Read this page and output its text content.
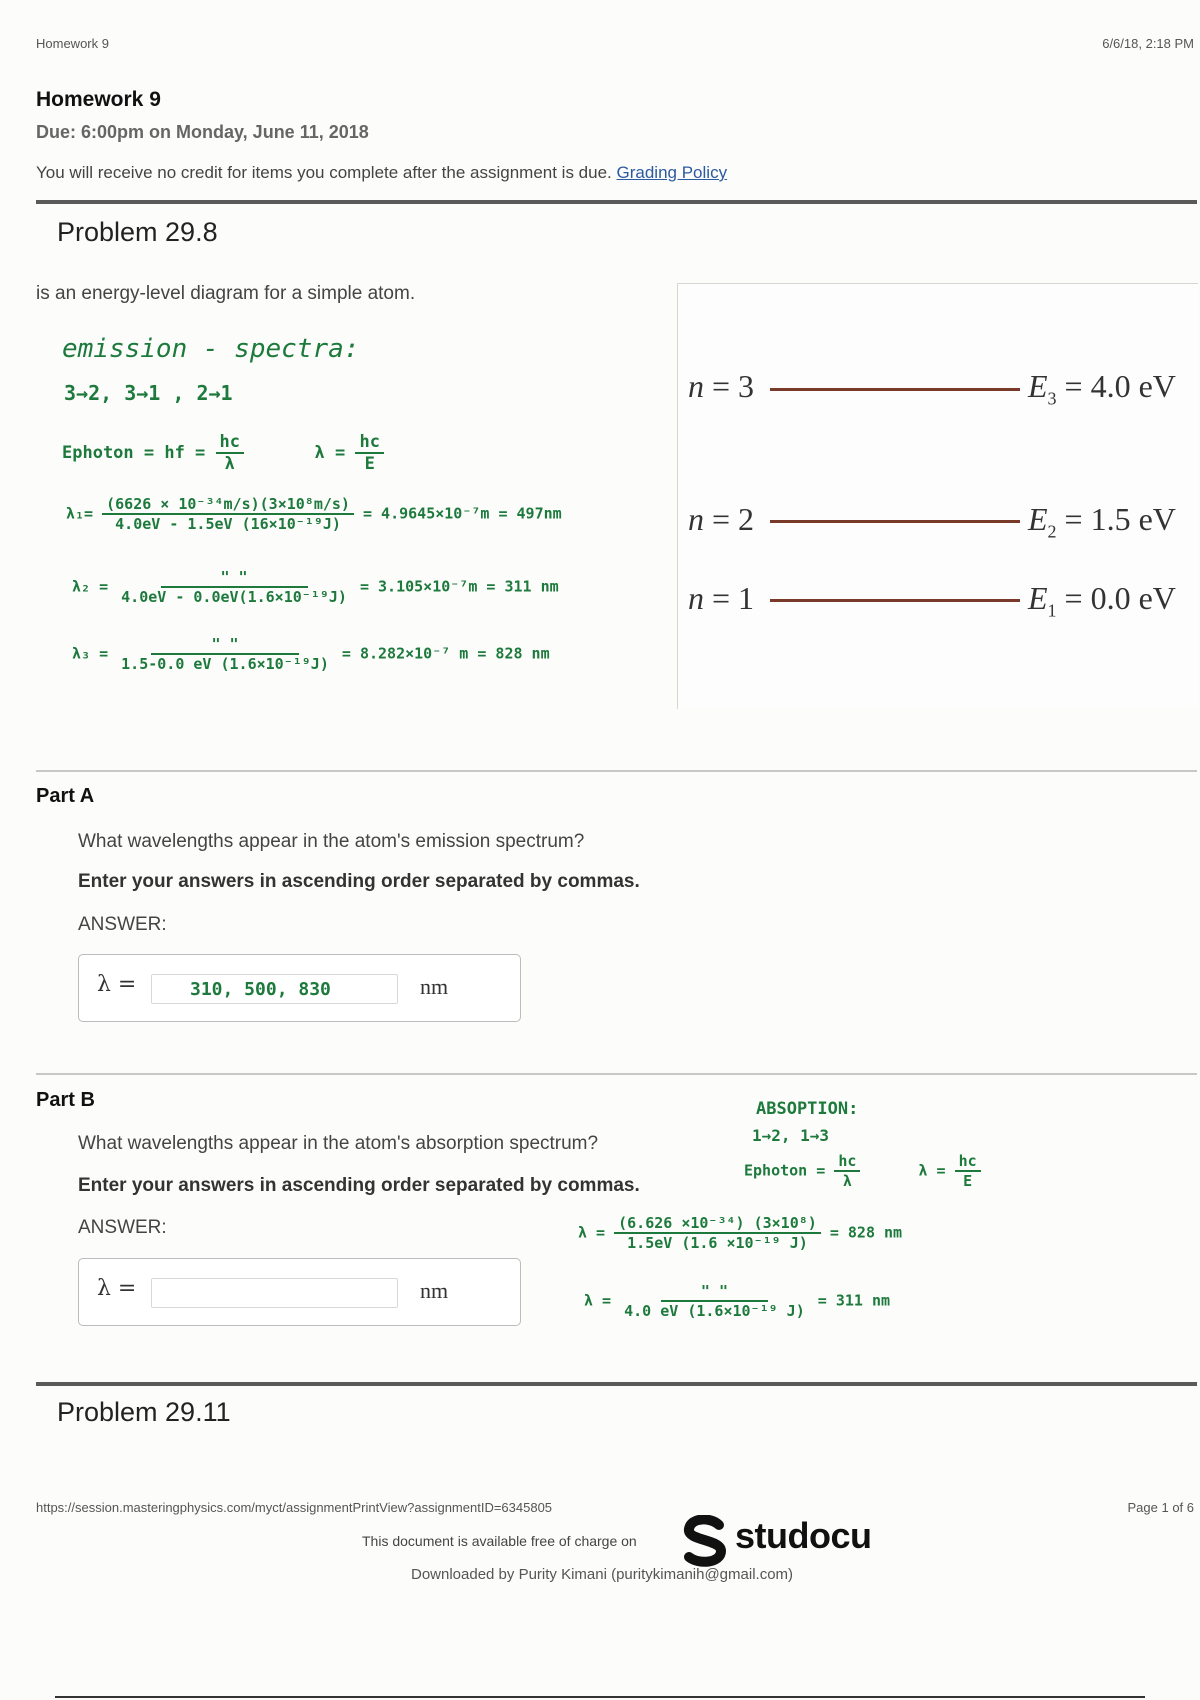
Homework 9	6/6/18, 2:18 PM
Homework 9
Due: 6:00pm on Monday, June 11, 2018
You will receive no credit for items you complete after the assignment is due. Grading Policy
Problem 29.8
is an energy-level diagram for a simple atom.
emission - spectra:
3→2, 3→1 , 2→1
Ephoton = hf = $\frac{hc}{\lambda}$	$\lambda = \frac{hc}{E}$
$\lambda_1= \frac{\text{(6626 × 10⁻³⁴m/s)(3×10⁸m/s)}}{\text{4.0eV - 1.5eV (16×10⁻¹⁹J)}} = 4.9645\times 10^{-7}m = 497nm$
$\lambda_2 = \frac{" "}{\text{4.0eV - 0.0eV(1.6×10⁻¹⁹J)}} = 3.105\times 10^{-7}m = 311$ nm
$\lambda_3 = \frac{" "}{\text{1.5-0.0 eV (1.6×10⁻¹⁹J)}} = 8.282\times 10^{-7}$ m = 828 nm
n = 3	$E_3 = 4.0$ eV
n = 2	$E_2 = 1.5$ eV
n = 1	$E_1 = 0.0$ eV
Part A
What wavelengths appear in the atom's emission spectrum?
Enter your answers in ascending order separated by commas.
ANSWER:
λ =	310, 500, 830	nm
Part B
What wavelengths appear in the atom's absorption spectrum?
Enter your answers in ascending order separated by commas.
ANSWER:
λ =	nm
ABSOPTION:
1→2, 1→3
Ephoton = $\frac{hc}{\lambda}$	$\lambda = \frac{hc}{E}$
$\lambda = \frac{\text{(6.626 ×10⁻³⁴) (3×10⁸)}}{\text{1.5eV (1.6 ×10⁻¹⁹ J)}} = 828$ nm
$\lambda = \frac{" "}{\text{4.0 eV (1.6×10⁻¹⁹ J)}} = 311$ nm
Problem 29.11
https://session.masteringphysics.com/myct/assignmentPrintView?assignmentID=6345805	Page 1 of 6
This document is available free of charge on	studocu
Downloaded by Purity Kimani (puritykimanih@gmail.com)
